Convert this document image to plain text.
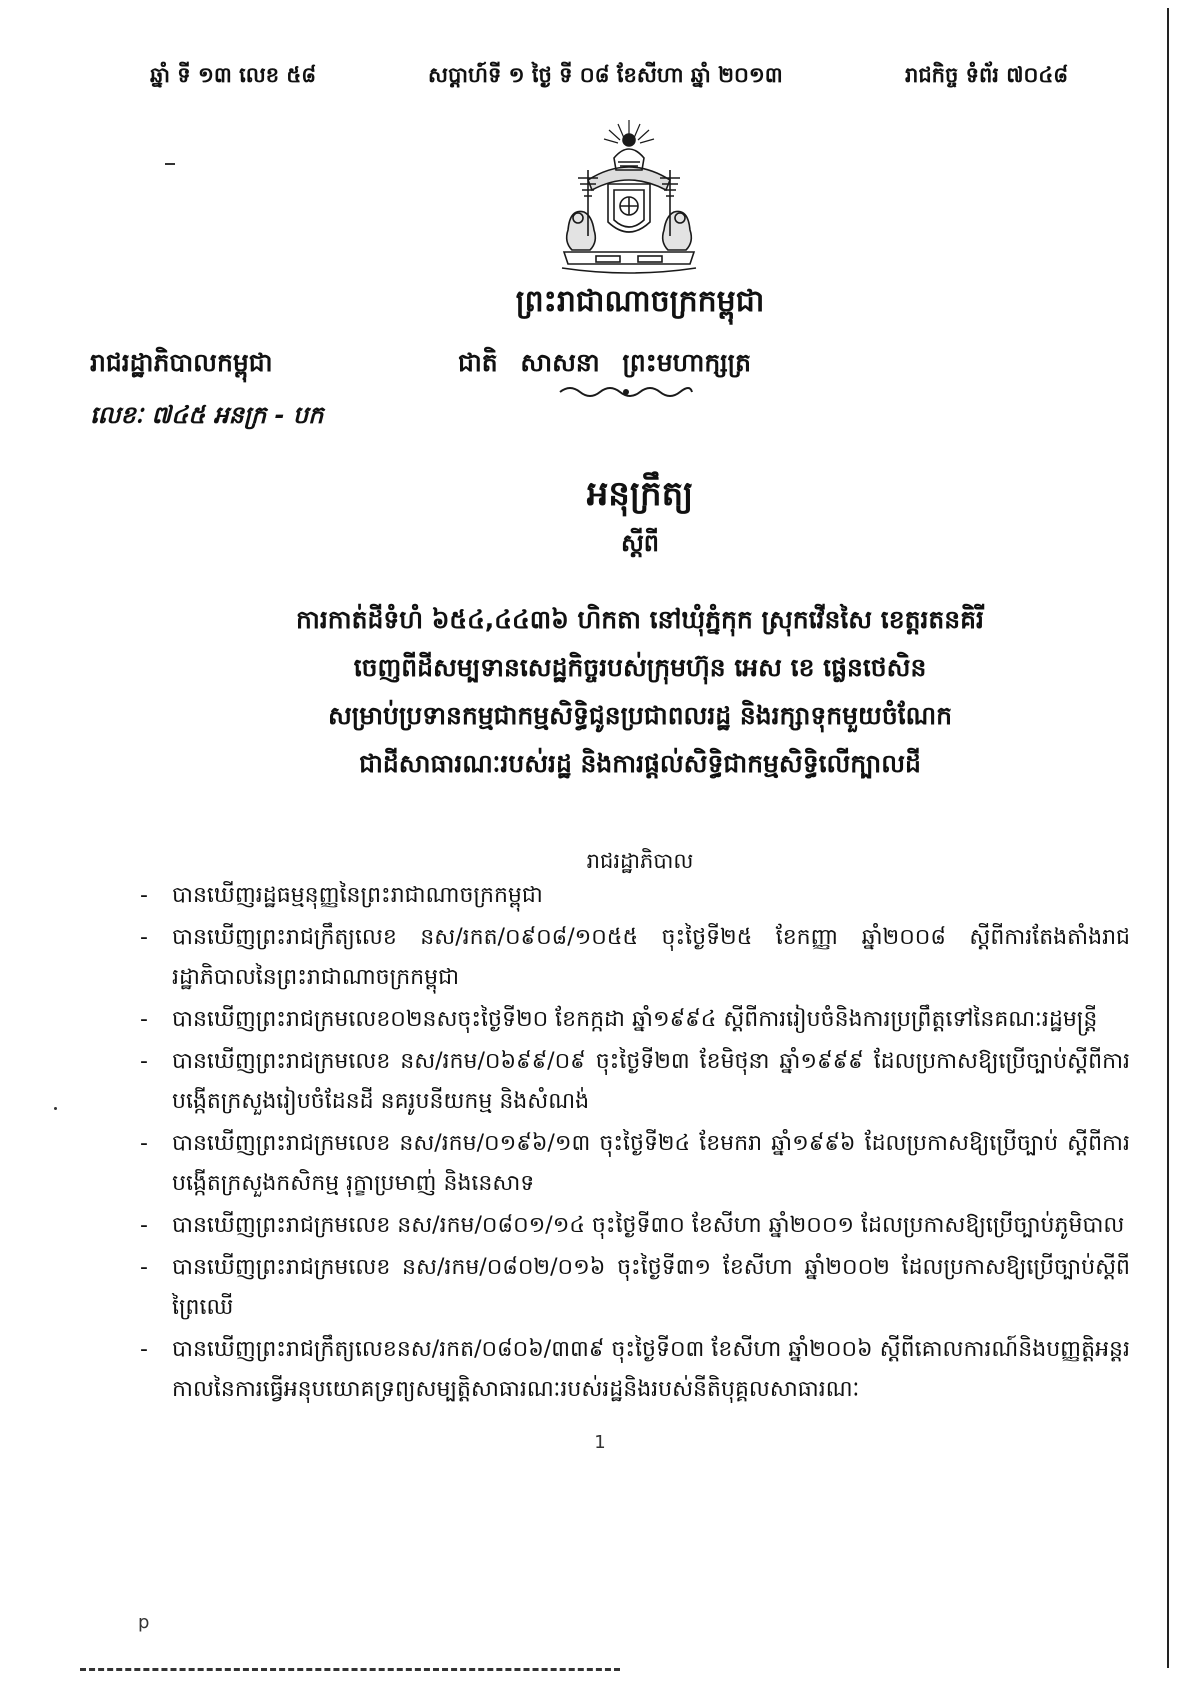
ឆ្នាំ ទី ១៣ លេខ ៥៨	សប្តាហ៍ទី ១ ថ្ងៃ ទី ០៨ ខែសីហា ឆ្នាំ ២០១៣	រាជកិច្ច ទំព័រ ៧០៤៨
ព្រះរាជាណាចក្រកម្ពុជា
រាជរដ្ឋាភិបាលកម្ពុជា	ជាតិ សាសនា ព្រះមហាក្សត្រ
លេខៈ ៧៤៥ អនក្រ - បក
អនុក្រឹត្យ
ស្តីពី
ការកាត់ដីទំហំ ៦៥៤,៤៤៣៦ ហិកតា នៅឃុំភ្នំកុក ស្រុកវើនសៃ ខេត្តរតនគិរី
ចេញពីដីសម្បទានសេដ្ឋកិច្ចរបស់ក្រុមហ៊ុន អេស ខេ ផ្លេនថេសិន
សម្រាប់ប្រទានកម្មជាកម្មសិទ្ធិជូនប្រជាពលរដ្ឋ និងរក្សាទុកមួយចំណែក
ជាដីសាធារណៈរបស់រដ្ឋ និងការផ្តល់សិទ្ធិជាកម្មសិទ្ធិលើក្បាលដី
រាជរដ្ឋាភិបាល
- បានឃើញរដ្ឋធម្មនុញ្ញនៃព្រះរាជាណាចក្រកម្ពុជា
- បានឃើញព្រះរាជក្រឹត្យលេខ នស/រកត/០៩០៨/១០៥៥ ចុះថ្ងៃទី២៥ ខែកញ្ញា ឆ្នាំ២០០៨ ស្តីពីការតែងតាំងរាជរដ្ឋាភិបាលនៃព្រះរាជាណាចក្រកម្ពុជា
- បានឃើញព្រះរាជក្រមលេខ០២នសចុះថ្ងៃទី២០ ខែកក្កដា ឆ្នាំ១៩៩៤ ស្តីពីការរៀបចំនិងការប្រព្រឹត្តទៅនៃគណៈរដ្ឋមន្ត្រី
- បានឃើញព្រះរាជក្រមលេខ នស/រកម/០៦៩៩/០៩ ចុះថ្ងៃទី២៣ ខែមិថុនា ឆ្នាំ១៩៩៩ ដែលប្រកាសឱ្យប្រើច្បាប់ស្តីពីការបង្កើតក្រសួងរៀបចំដែនដី នគរូបនីយកម្ម និងសំណង់
- បានឃើញព្រះរាជក្រមលេខ នស/រកម/០១៩៦/១៣ ចុះថ្ងៃទី២៤ ខែមករា ឆ្នាំ១៩៩៦ ដែលប្រកាសឱ្យប្រើច្បាប់ ស្តីពីការបង្កើតក្រសួងកសិកម្ម រុក្ខាប្រមាញ់ និងនេសាទ
- បានឃើញព្រះរាជក្រមលេខ នស/រកម/០៨០១/១៤ ចុះថ្ងៃទី៣០ ខែសីហា ឆ្នាំ២០០១ ដែលប្រកាសឱ្យប្រើច្បាប់ភូមិបាល
- បានឃើញព្រះរាជក្រមលេខ នស/រកម/០៨០២/០១៦ ចុះថ្ងៃទី៣១ ខែសីហា ឆ្នាំ២០០២ ដែលប្រកាសឱ្យប្រើច្បាប់ស្តីពីព្រៃឈើ
- បានឃើញព្រះរាជក្រឹត្យលេខនស/រកត/០៨០៦/៣៣៩ ចុះថ្ងៃទី០៣ ខែសីហា ឆ្នាំ២០០៦ ស្តីពីគោលការណ៍និងបញ្ញត្តិអន្តរកាលនៃការធ្វើអនុបយោគទ្រព្យសម្បត្តិសាធារណៈរបស់រដ្ឋនិងរបស់នីតិបុគ្គលសាធារណៈ
1
p
